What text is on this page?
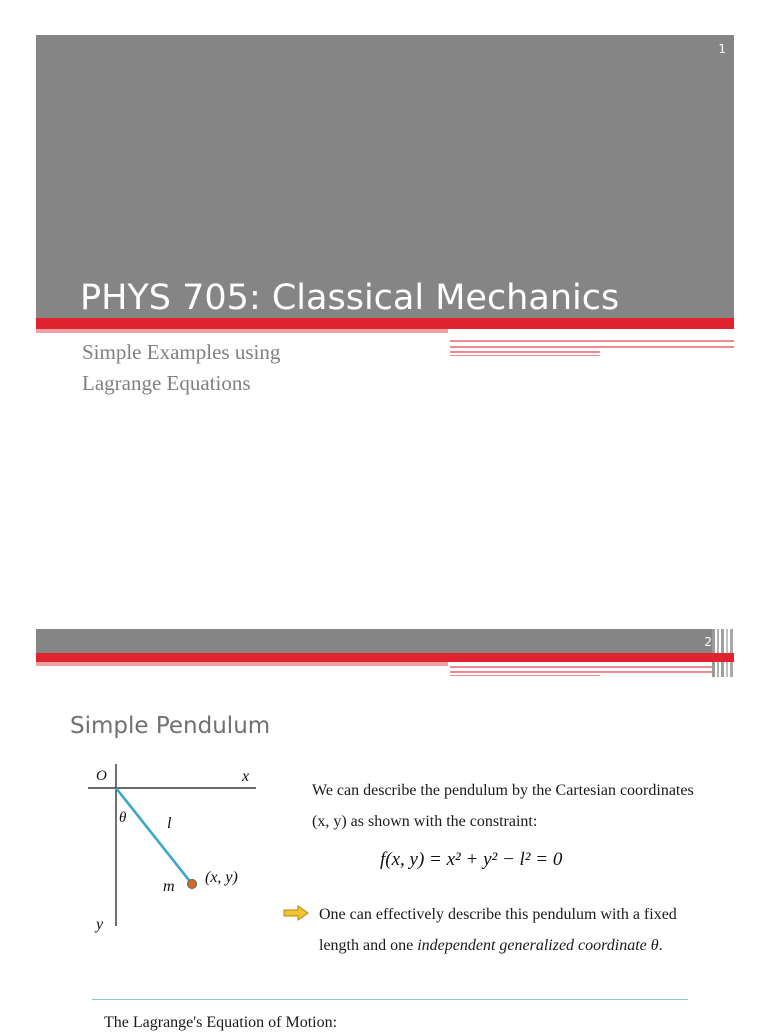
1
PHYS 705: Classical Mechanics
Simple Examples using
Lagrange Equations
2
Simple Pendulum
O	x
y
θ	l
m
(x, y)
We can describe the pendulum by the Cartesian coordinates (x, y) as shown with the constraint:
f(x, y) = x² + y² − l² = 0
One can effectively describe this pendulum with a fixed length and one independent generalized coordinate θ.
The Lagrange's Equation of Motion:
